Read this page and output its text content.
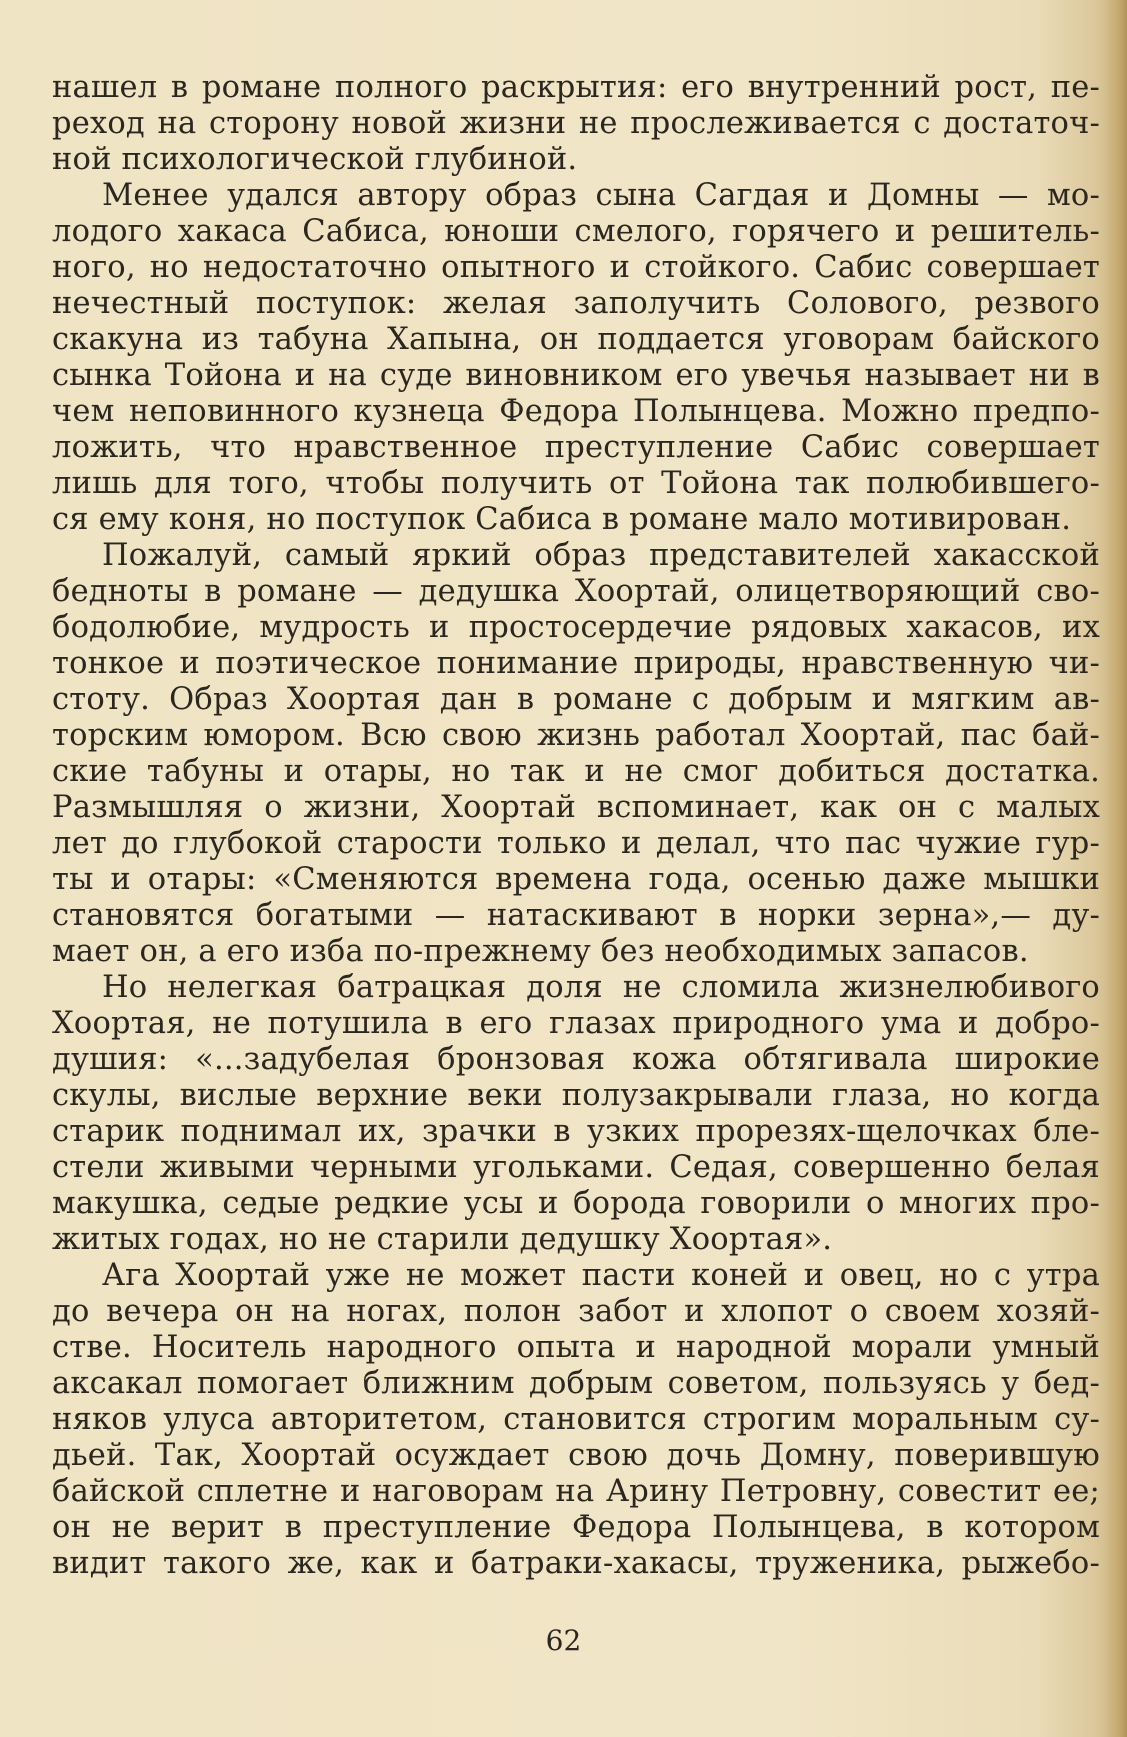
нашел в романе полного раскрытия: его внутренний рост, пе-
реход на сторону новой жизни не прослеживается с достаточ-
ной психологической глубиной.
Менее удался автору образ сына Сагдая и Домны — мо-
лодого хакаса Сабиса, юноши смелого, горячего и решитель-
ного, но недостаточно опытного и стойкого. Сабис совершает
нечестный поступок: желая заполучить Солового, резвого
скакуна из табуна Хапына, он поддается уговорам байского
сынка Тойона и на суде виновником его увечья называет ни в
чем неповинного кузнеца Федора Полынцева. Можно предпо-
ложить, что нравственное преступление Сабис совершает
лишь для того, чтобы получить от Тойона так полюбившего-
ся ему коня, но поступок Сабиса в романе мало мотивирован.
Пожалуй, самый яркий образ представителей хакасской
бедноты в романе — дедушка Хоортай, олицетворяющий сво-
бодолюбие, мудрость и простосердечие рядовых хакасов, их
тонкое и поэтическое понимание природы, нравственную чи-
стоту. Образ Хоортая дан в романе с добрым и мягким ав-
торским юмором. Всю свою жизнь работал Хоортай, пас бай-
ские табуны и отары, но так и не смог добиться достатка.
Размышляя о жизни, Хоортай вспоминает, как он с малых
лет до глубокой старости только и делал, что пас чужие гур-
ты и отары: «Сменяются времена года, осенью даже мышки
становятся богатыми — натаскивают в норки зерна»,— ду-
мает он, а его изба по-прежнему без необходимых запасов.
Но нелегкая батрацкая доля не сломила жизнелюбивого
Хоортая, не потушила в его глазах природного ума и добро-
душия: «...задубелая бронзовая кожа обтягивала широкие
скулы, вислые верхние веки полузакрывали глаза, но когда
старик поднимал их, зрачки в узких прорезях-щелочках бле-
стели живыми черными угольками. Седая, совершенно белая
макушка, седые редкие усы и борода говорили о многих про-
житых годах, но не старили дедушку Хоортая».
Ага Хоортай уже не может пасти коней и овец, но с утра
до вечера он на ногах, полон забот и хлопот о своем хозяй-
стве. Носитель народного опыта и народной морали умный
аксакал помогает ближним добрым советом, пользуясь у бед-
няков улуса авторитетом, становится строгим моральным су-
дьей. Так, Хоортай осуждает свою дочь Домну, поверившую
байской сплетне и наговорам на Арину Петровну, совестит ее;
он не верит в преступление Федора Полынцева, в котором
видит такого же, как и батраки-хакасы, труженика, рыжебо-
62
